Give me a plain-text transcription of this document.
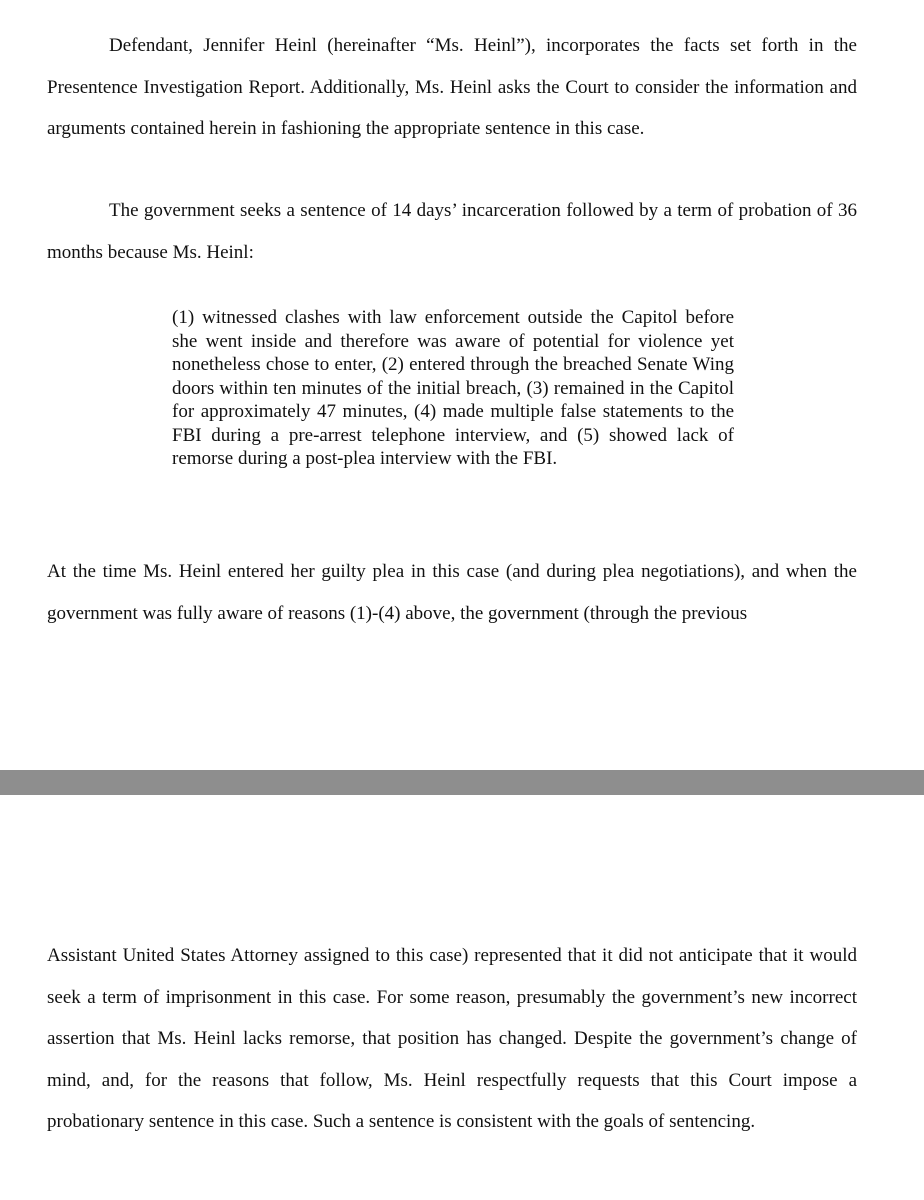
Defendant, Jennifer Heinl (hereinafter “Ms. Heinl”), incorporates the facts set forth in the Presentence Investigation Report. Additionally, Ms. Heinl asks the Court to consider the information and arguments contained herein in fashioning the appropriate sentence in this case.

The government seeks a sentence of 14 days’ incarceration followed by a term of probation of 36 months because Ms. Heinl:

(1) witnessed clashes with law enforcement outside the Capitol before she went inside and therefore was aware of potential for violence yet nonetheless chose to enter, (2) entered through the breached Senate Wing doors within ten minutes of the initial breach, (3) remained in the Capitol for approximately 47 minutes, (4) made multiple false statements to the FBI during a pre-arrest telephone interview, and (5) showed lack of remorse during a post-plea interview with the FBI.

At the time Ms. Heinl entered her guilty plea in this case (and during plea negotiations), and when the government was fully aware of reasons (1)-(4) above, the government (through the previous

Assistant United States Attorney assigned to this case) represented that it did not anticipate that it would seek a term of imprisonment in this case. For some reason, presumably the government’s new incorrect assertion that Ms. Heinl lacks remorse, that position has changed. Despite the government’s change of mind, and, for the reasons that follow, Ms. Heinl respectfully requests that this Court impose a probationary sentence in this case. Such a sentence is consistent with the goals of sentencing.
